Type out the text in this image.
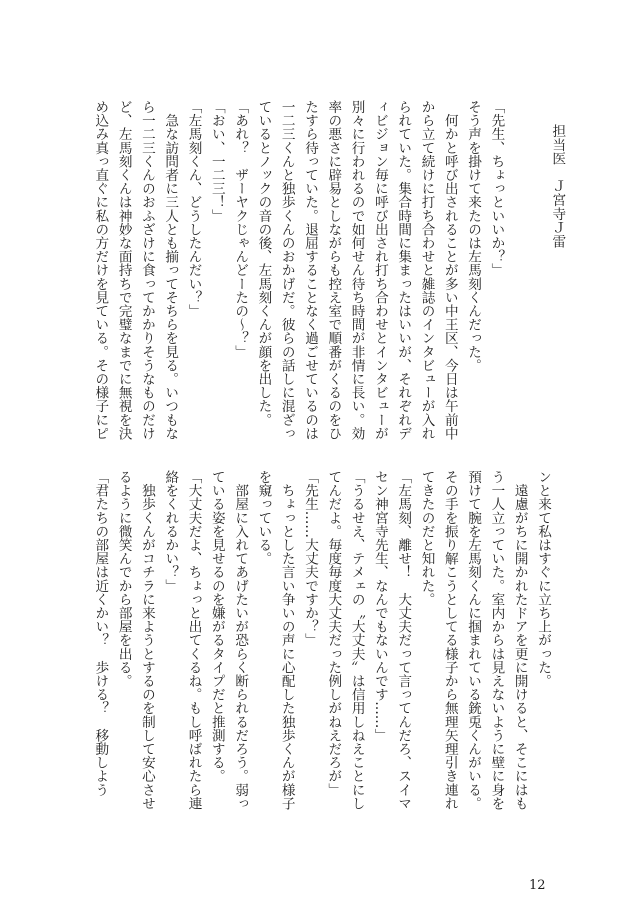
担当医　Ｊ宮寺Ｊ雷
「先生、ちょっといいか？」
そう声を掛けて来たのは左馬刻くんだった。
　何かと呼び出されることが多い中王区、今日は午前中
から立て続けに打ち合わせと雑誌のインタビューが入れ
られていた。集合時間に集まったはいいが、それぞれデ
ィビジョン毎に呼び出され打ち合わせとインタビューが
別々に行われるので如何せん待ち時間が非情に長い。効
率の悪さに辟易としながらも控え室で順番がくるのをひ
たすら待っていた。退屈することなく過ごせているのは
一二三くんと独歩くんのおかげだ。彼らの話しに混ざっ
ているとノックの音の後、左馬刻くんが顔を出した。
「あれ？　ザーヤクじゃんどーたの〜？」
「おい、一二三！」
「左馬刻くん、どうしたんだい？」
　急な訪問者に三人とも揃ってそちらを見る。いつもな
ら一二三くんのおふざけに食ってかかりそうなものだけ
ど、左馬刻くんは神妙な面持ちで完璧なまでに無視を決
め込み真っ直ぐに私の方だけを見ている。その様子にピ
ンと来て私はすぐに立ち上がった。
　遠慮がちに開かれたドアを更に開けると、そこにはも
う一人立っていた。室内からは見えないように壁に身を
預けて腕を左馬刻くんに掴まれている銃兎くんがいる。
その手を振り解こうとしてる様子から無理矢理引き連れ
てきたのだと知れた。
「左馬刻、離せ！　大丈夫だって言ってんだろ、スイマ
セン神宮寺先生、なんでもないんです……」
「うるせえ、テメェの〝大丈夫〟は信用しねえことにし
てんだよ。毎度毎度大丈夫だった例しがねえだろが」
「先生……大丈夫ですか？」
　ちょっとした言い争いの声に心配した独歩くんが様子
を窺っている。
　部屋に入れてあげたいが恐らく断られるだろう。弱っ
ている姿を見せるのを嫌がるタイプだと推測する。
「大丈夫だよ、ちょっと出てくるね。もし呼ばれたら連
絡をくれるかい？」
　独歩くんがコチラに来ようとするのを制して安心させ
るように微笑んでから部屋を出る。
「君たちの部屋は近くかい？　歩ける？　移動しよう
12
